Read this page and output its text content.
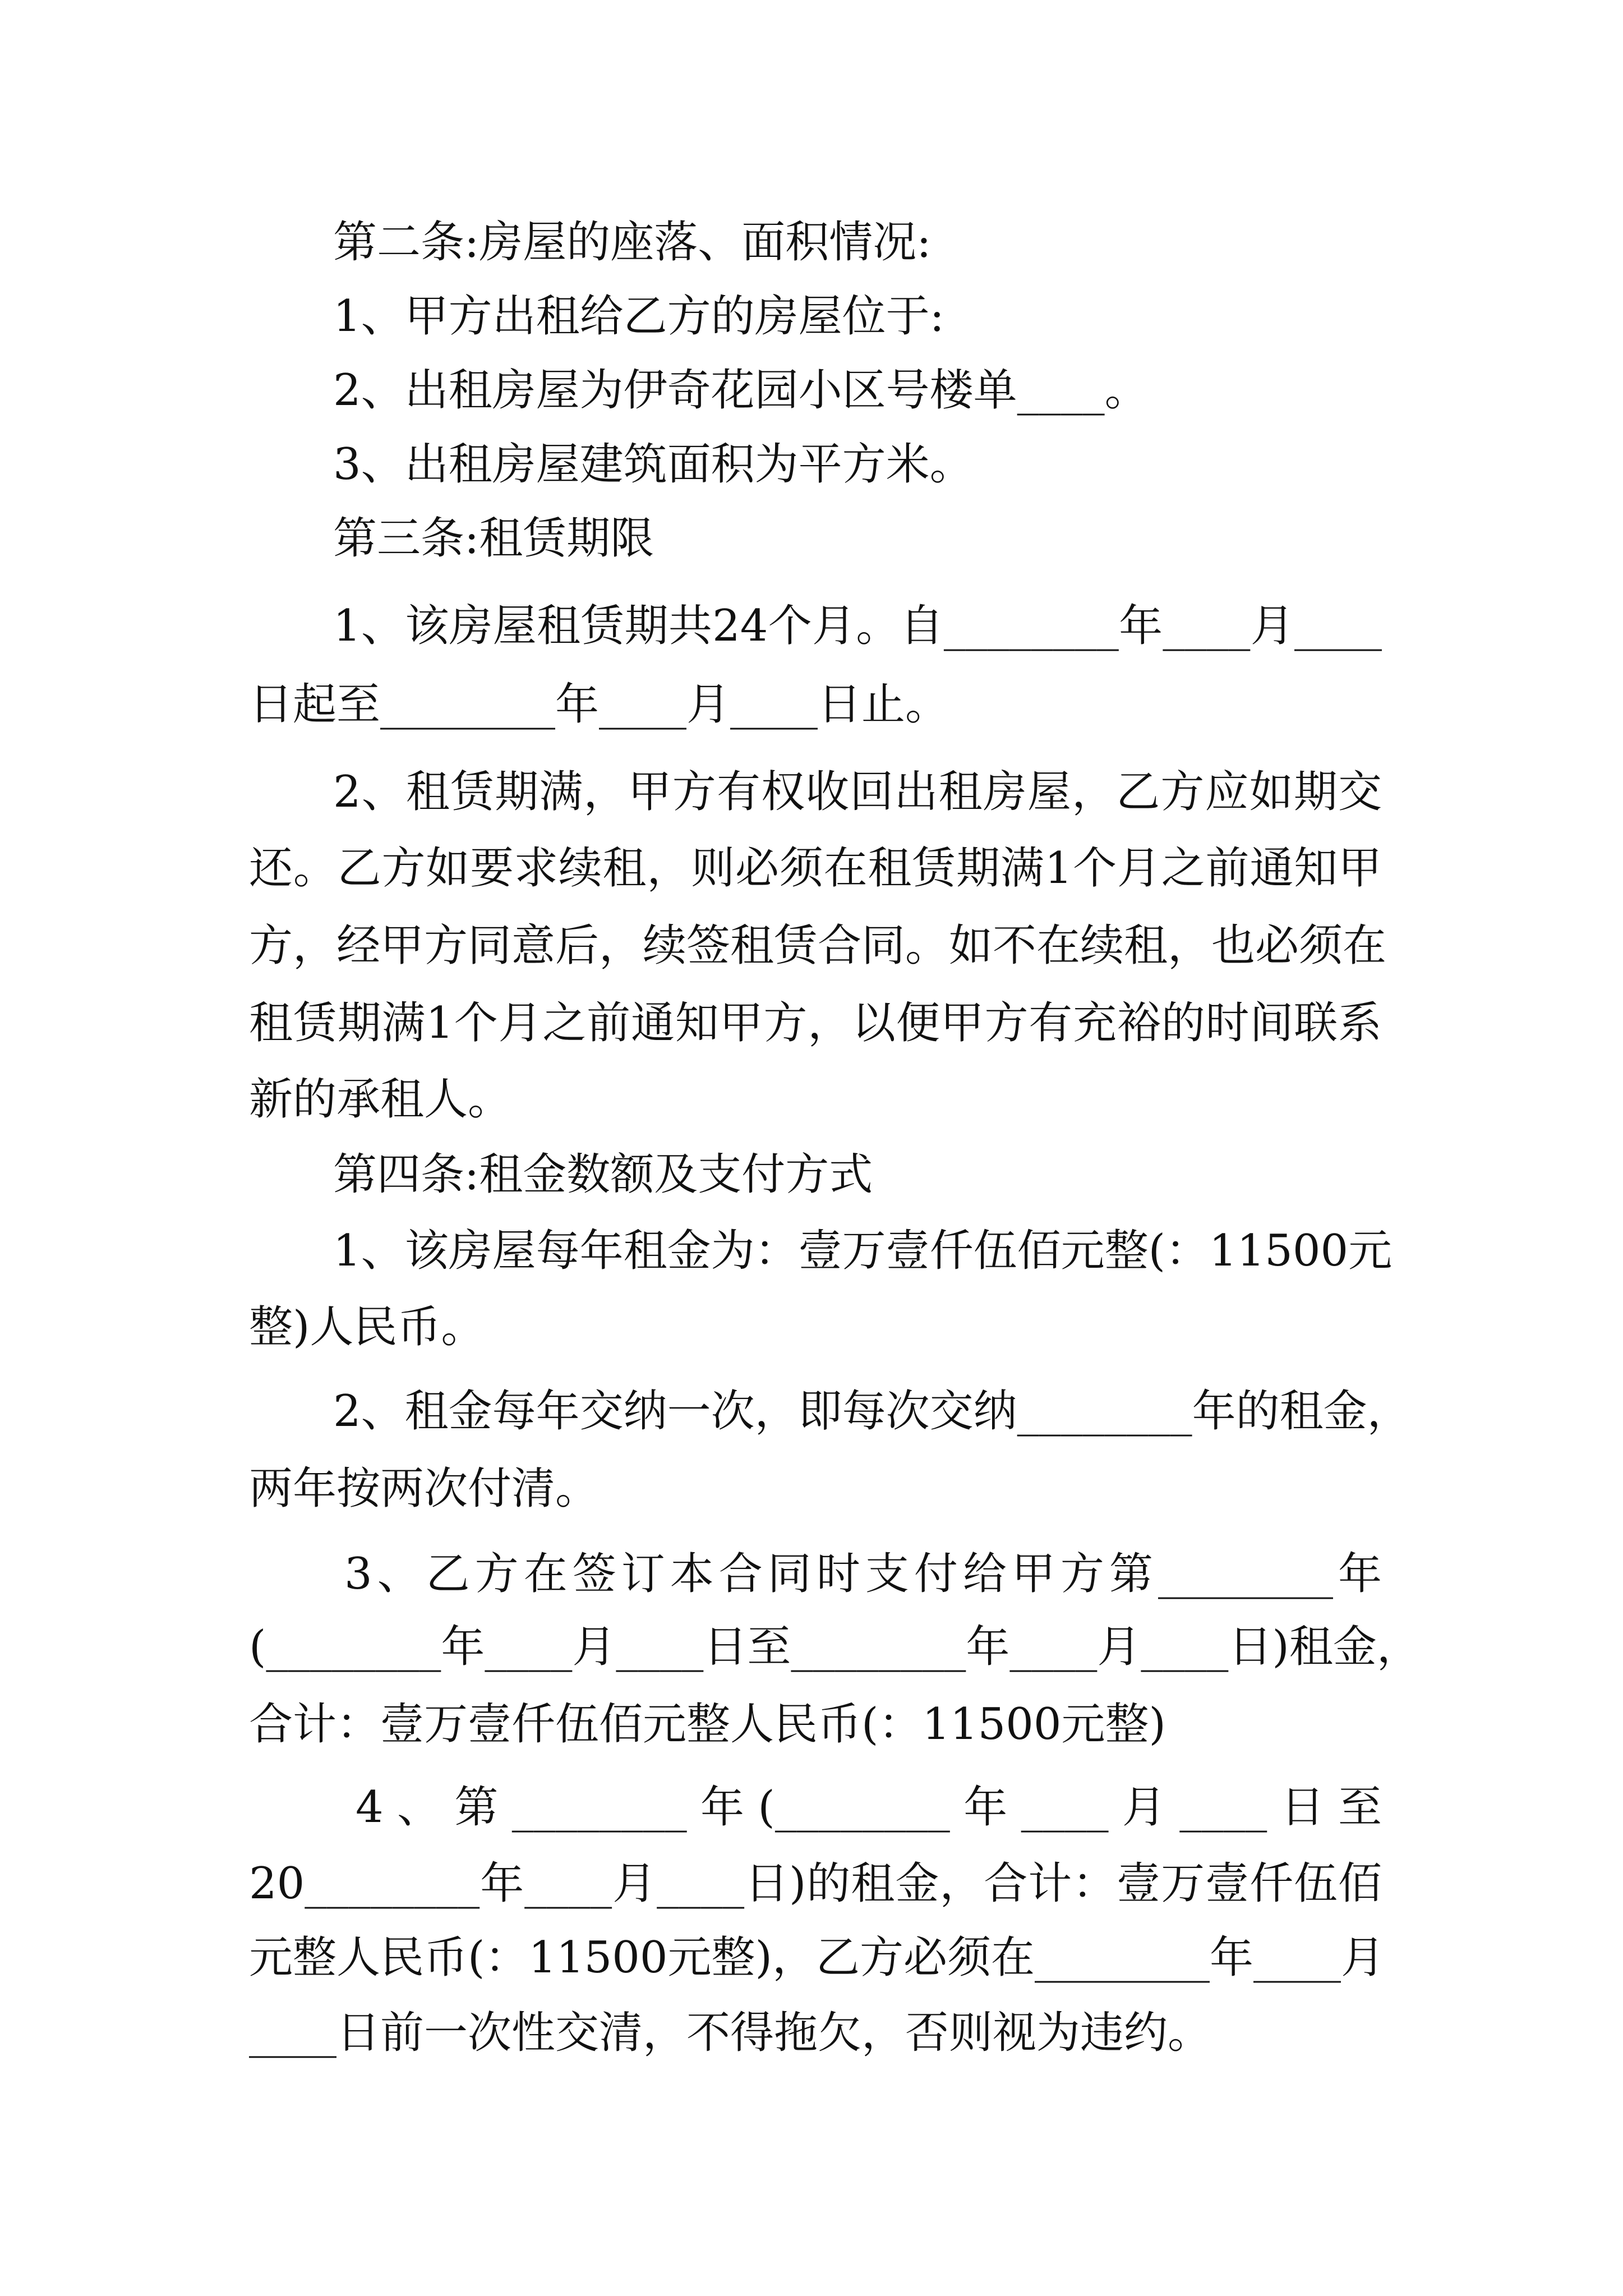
第二条:房屋的座落、面积情况:

1、甲方出租给乙方的房屋位于:

2、出租房屋为伊奇花园小区号楼单____。

3、出租房屋建筑面积为平方米。

第三条:租赁期限

1、该房屋租赁期共24个月。自________年____月____

日起至________年____月____日止。

2、租赁期满，甲方有权收回出租房屋，乙方应如期交

还。乙方如要求续租，则必须在租赁期满1个月之前通知甲

方，经甲方同意后，续签租赁合同。如不在续租，也必须在

租赁期满1个月之前通知甲方，以便甲方有充裕的时间联系

新的承租人。

第四条:租金数额及支付方式

1、该房屋每年租金为：壹万壹仟伍佰元整(：11500元

整)人民币。

2、租金每年交纳一次，即每次交纳________年的租金，

两年按两次付清。

3、乙方在签订本合同时支付给甲方第________年

(________年____月____日至________年____月____日)租金，

合计：壹万壹仟伍佰元整人民币(：11500元整)

4、第________年(________年____月____日至

20________年____月____日)的租金，合计：壹万壹仟伍佰

元整人民币(：11500元整)，乙方必须在________年____月

____日前一次性交清，不得拖欠，否则视为违约。
